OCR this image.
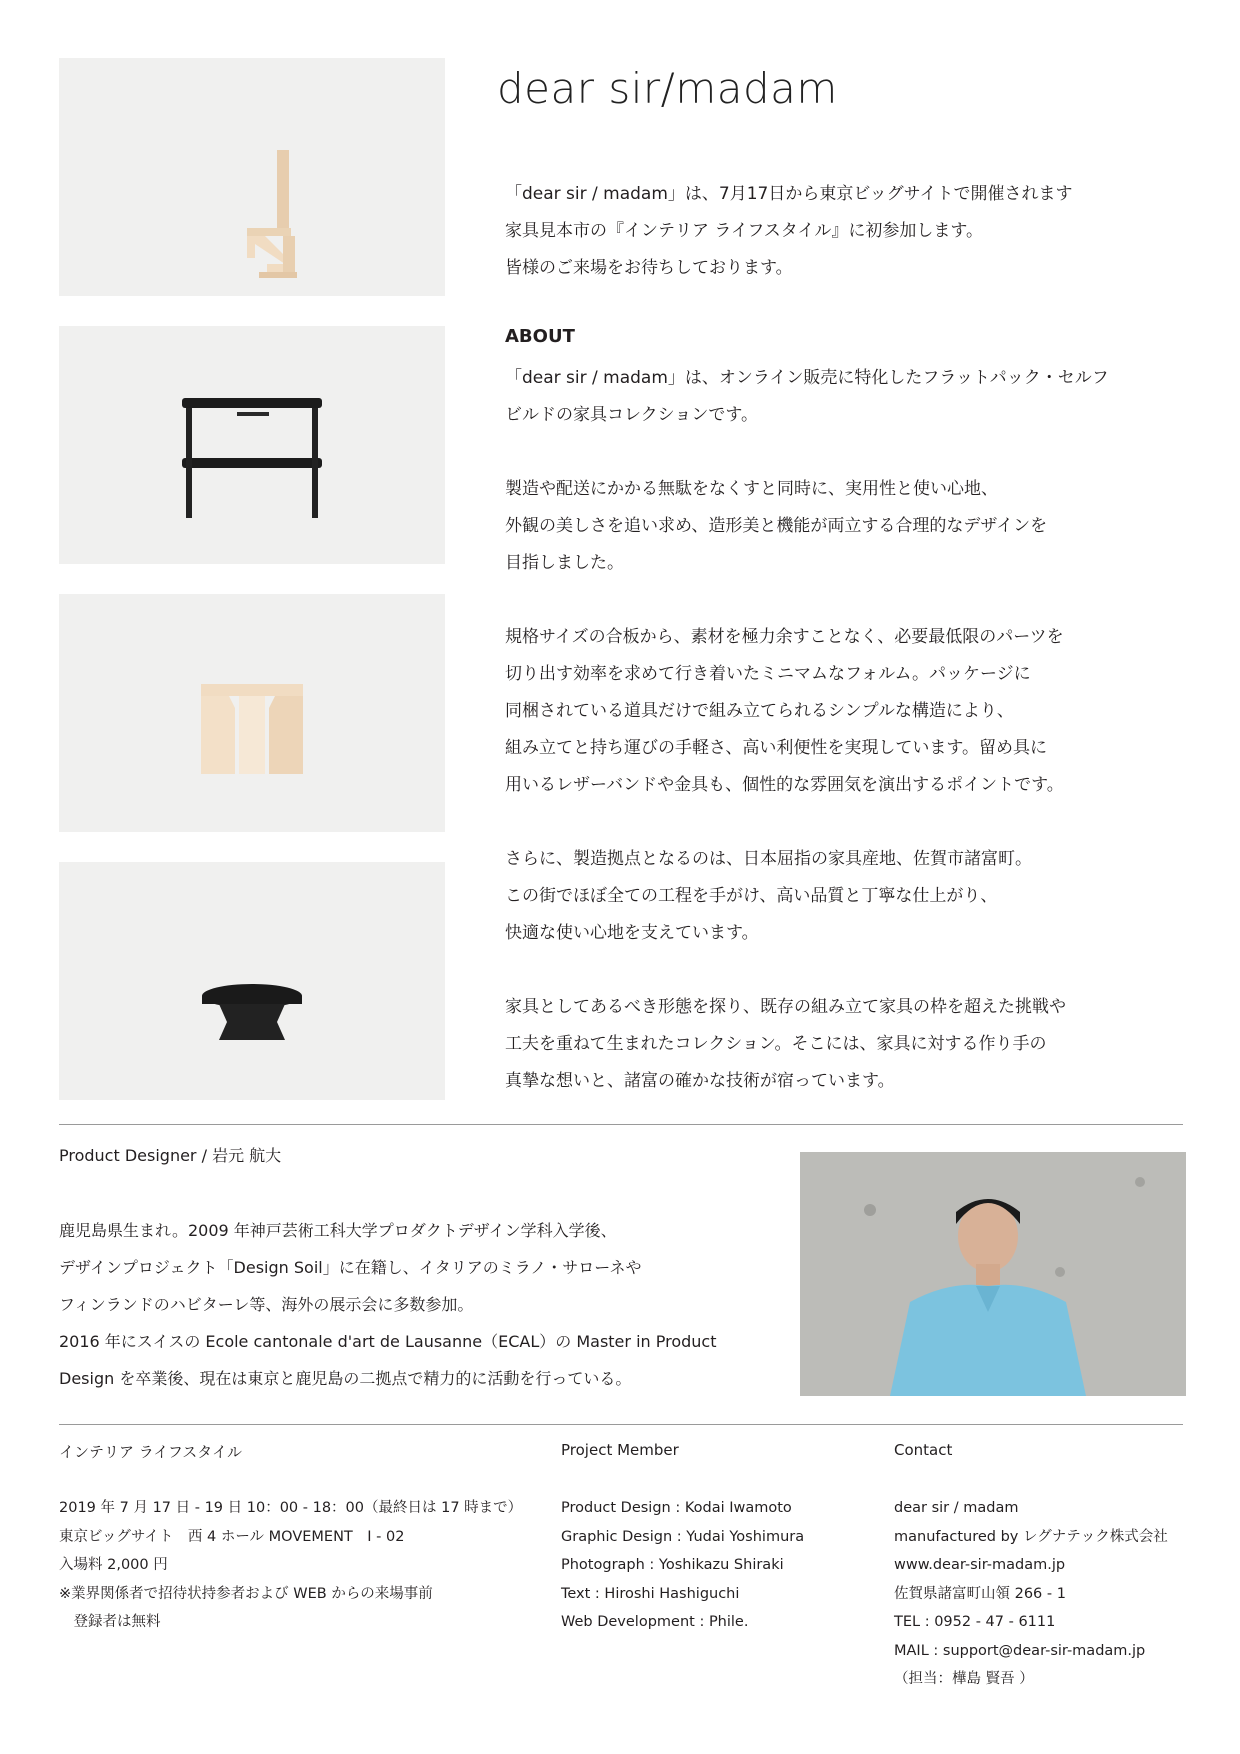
dear sir/madam

「dear sir / madam」は、7月17日から東京ビッグサイトで開催されます

家具見本市の『インテリア ライフスタイル』に初参加します。

皆様のご来場をお待ちしております。

ABOUT

「dear sir / madam」は、オンライン販売に特化したフラットパック・セルフ
ビルドの家具コレクションです。

製造や配送にかかる無駄をなくすと同時に、実用性と使い心地、
外観の美しさを追い求め、造形美と機能が両立する合理的なデザインを
目指しました。

規格サイズの合板から、素材を極力余すことなく、必要最低限のパーツを
切り出す効率を求めて行き着いたミニマムなフォルム。パッケージに
同梱されている道具だけで組み立てられるシンプルな構造により、
組み立てと持ち運びの手軽さ、高い利便性を実現しています。留め具に
用いるレザーバンドや金具も、個性的な雰囲気を演出するポイントです。

さらに、製造拠点となるのは、日本屈指の家具産地、佐賀市諸富町。
この街でほぼ全ての工程を手がけ、高い品質と丁寧な仕上がり、
快適な使い心地を支えています。

家具としてあるべき形態を探り、既存の組み立て家具の枠を超えた挑戦や
工夫を重ねて生まれたコレクション。そこには、家具に対する作り手の
真摯な想いと、諸富の確かな技術が宿っています。

Product Designer / 岩元 航大

鹿児島県生まれ。2009 年神戸芸術工科大学プロダクトデザイン学科入学後、

デザインプロジェクト「Design Soil」に在籍し、イタリアのミラノ・サローネや

フィンランドのハビターレ等、海外の展示会に多数参加。

2016 年にスイスの Ecole cantonale d'art de Lausanne（ECAL）の Master in Product

Design を卒業後、現在は東京と鹿児島の二拠点で精力的に活動を行っている。

インテリア ライフスタイル

2019 年 7 月 17 日 - 19 日 10：00 - 18：00（最終日は 17 時まで）

東京ビッグサイト　西 4 ホール MOVEMENT　I - 02

入場料 2,000 円

※業界関係者で招待状持参者および WEB からの来場事前

　登録者は無料

Project Member

Product Design : Kodai Iwamoto

Graphic Design : Yudai Yoshimura

Photograph : Yoshikazu Shiraki

Text : Hiroshi Hashiguchi

Web Development : Phile.

Contact

dear sir / madam

manufactured by レグナテック株式会社

www.dear-sir-madam.jp

佐賀県諸富町山領 266 - 1

TEL : 0952 - 47 - 6111

MAIL : support@dear-sir-madam.jp

（担当：樺島 賢吾 ）
